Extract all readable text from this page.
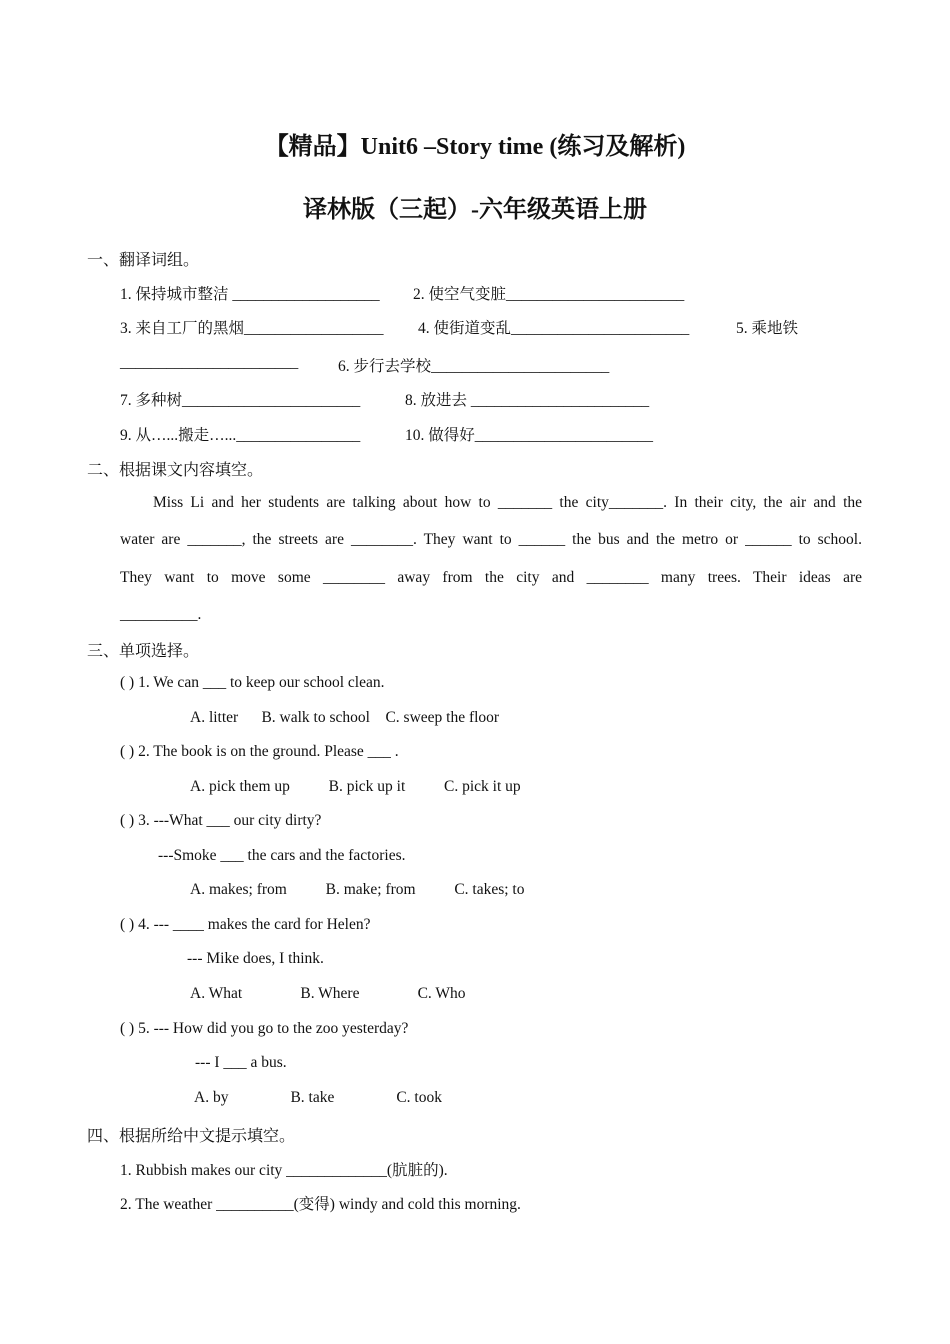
【精品】Unit6 –Story time (练习及解析)
译林版（三起）-六年级英语上册
一、翻译词组。
1. 保持城市整洁 ___________________ 2. 使空气变脏_______________________
3. 来自工厂的黑烟__________________ 4. 使街道变乱_______________________	5. 乘地铁
_______________________	6. 步行去学校_______________________
7. 多种树_______________________	8. 放进去 _______________________
9. 从…...搬走…...________________	10. 做得好_______________________
二、根据课文内容填空。
Miss Li and her students are talking about how to _______ the city_______. In their city, the air and the
water are _______, the streets are ________. They want to ______ the bus and the metro or ______ to school.
They want to move some ________ away from the city and ________ many trees. Their ideas are
__________.
三、单项选择。
( ) 1. We can ___ to keep our school clean.
A. litter      B. walk to school    C. sweep the floor
( ) 2. The book is on the ground. Please ___ .
A. pick them up          B. pick up it          C. pick it up
( ) 3. ---What ___ our city dirty?
---Smoke ___ the cars and the factories.
A. makes; from          B. make; from          C. takes; to
( ) 4. --- ____ makes the card for Helen?
--- Mike does, I think.
A. What               B. Where               C. Who
( ) 5. --- How did you go to the zoo yesterday?
--- I ___ a bus.
A. by                B. take                C. took
四、根据所给中文提示填空。
1. Rubbish makes our city _____________(肮脏的).
2. The weather __________(变得) windy and cold this morning.
